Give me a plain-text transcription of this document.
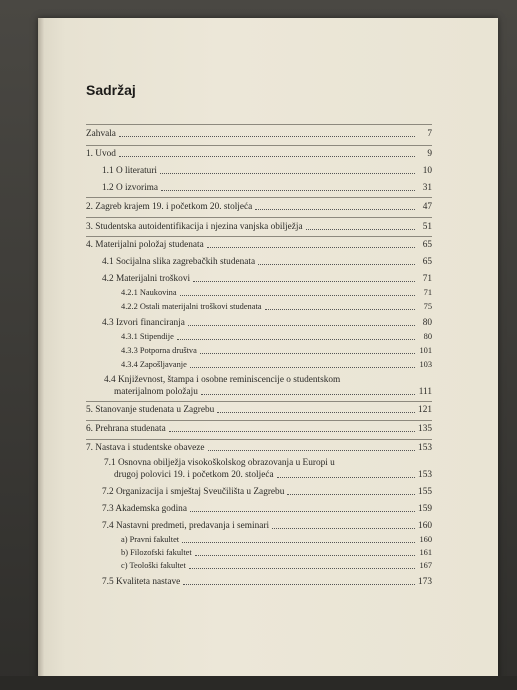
Sadržaj
Zahvala	7
1. Uvod	9
1.1 O literaturi	10
1.2 O izvorima	31
2. Zagreb krajem 19. i početkom 20. stoljeća	47
3. Studentska autoidentifikacija i njezina vanjska obilježja	51
4. Materijalni položaj studenata	65
4.1 Socijalna slika zagrebačkih studenata	65
4.2 Materijalni troškovi	71
4.2.1 Naukovina	71
4.2.2 Ostali materijalni troškovi studenata	75
4.3 Izvori financiranja	80
4.3.1 Stipendije	80
4.3.3 Potporna društva	101
4.3.4 Zapošljavanje	103
4.4 Književnost, štampa i osobne reminiscencije o studentskom
materijalnom položaju	111
5. Stanovanje studenata u Zagrebu	121
6. Prehrana studenata	135
7. Nastava i studentske obaveze	153
7.1 Osnovna obilježja visokoškolskog obrazovanja u Europi u
drugoj polovici 19. i početkom 20. stoljeća	153
7.2 Organizacija i smještaj Sveučilišta u Zagrebu	155
7.3 Akademska godina	159
7.4 Nastavni predmeti, predavanja i seminari	160
a) Pravni fakultet	160
b) Filozofski fakultet	161
c) Teološki fakultet	167
7.5 Kvaliteta nastave	173
